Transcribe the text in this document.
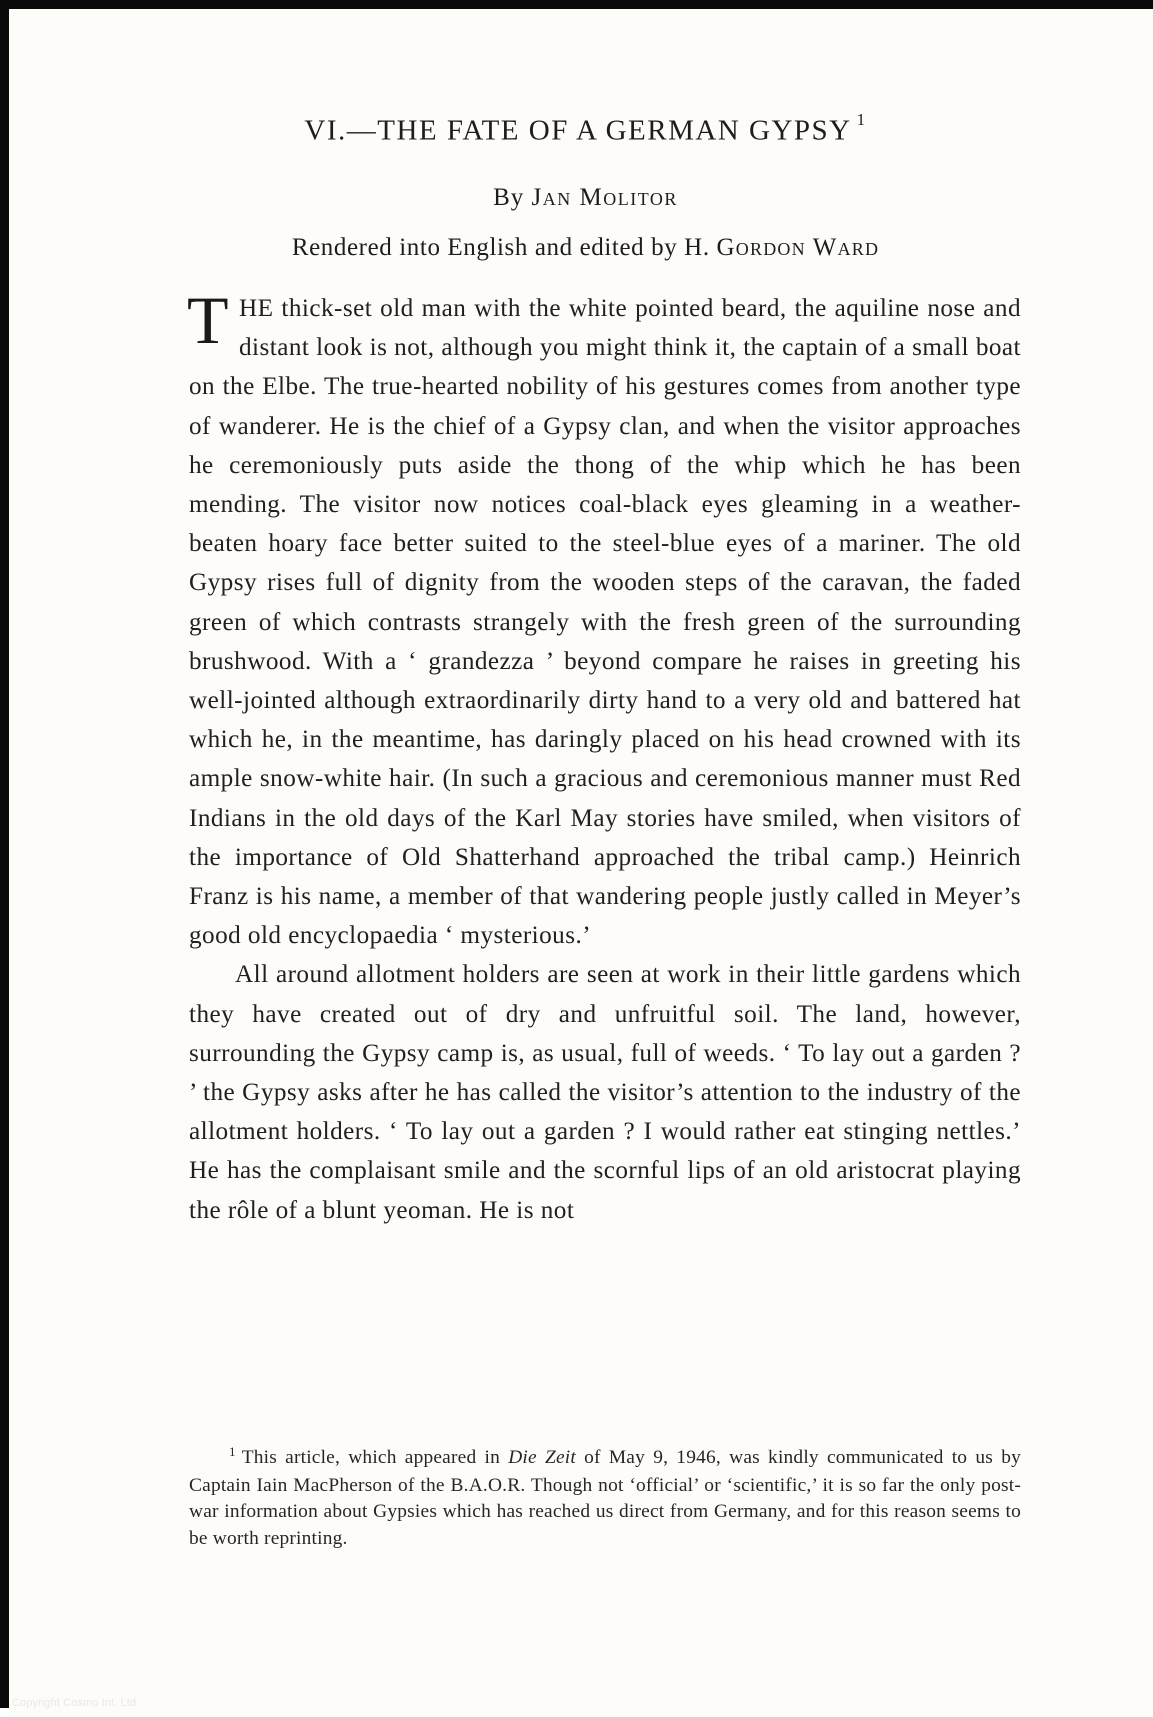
VI.—THE FATE OF A GERMAN GYPSY $^1$
By Jan Molitor
Rendered into English and edited by H. Gordon Ward

THE thick-set old man with the white pointed beard, the aquiline nose and distant look is not, although you might think it, the captain of a small boat on the Elbe. The true-hearted nobility of his gestures comes from another type of wanderer. He is the chief of a Gypsy clan, and when the visitor approaches he ceremoniously puts aside the thong of the whip which he has been mending. The visitor now notices coal-black eyes gleaming in a weather-beaten hoary face better suited to the steel-blue eyes of a mariner. The old Gypsy rises full of dignity from the wooden steps of the caravan, the faded green of which contrasts strangely with the fresh green of the surrounding brushwood. With a ‘ grandezza ’ beyond compare he raises in greeting his well-jointed although extraordinarily dirty hand to a very old and battered hat which he, in the meantime, has daringly placed on his head crowned with its ample snow-white hair. (In such a gracious and ceremonious manner must Red Indians in the old days of the Karl May stories have smiled, when visitors of the importance of Old Shatterhand approached the tribal camp.) Heinrich Franz is his name, a member of that wandering people justly called in Meyer’s good old encyclopaedia ‘ mysterious.’

All around allotment holders are seen at work in their little gardens which they have created out of dry and unfruitful soil. The land, however, surrounding the Gypsy camp is, as usual, full of weeds. ‘ To lay out a garden ? ’ the Gypsy asks after he has called the visitor’s attention to the industry of the allotment holders. ‘ To lay out a garden ? I would rather eat stinging nettles.’ He has the complaisant smile and the scornful lips of an old aristocrat playing the rôle of a blunt yeoman. He is not

$^1$ This article, which appeared in Die Zeit of May 9, 1946, was kindly communicated to us by Captain Iain MacPherson of the B.A.O.R. Though not ‘official’ or ‘scientific,’ it is so far the only post-war information about Gypsies which has reached us direct from Germany, and for this reason seems to be worth reprinting.
Copyright Cosmo Int. Ltd
